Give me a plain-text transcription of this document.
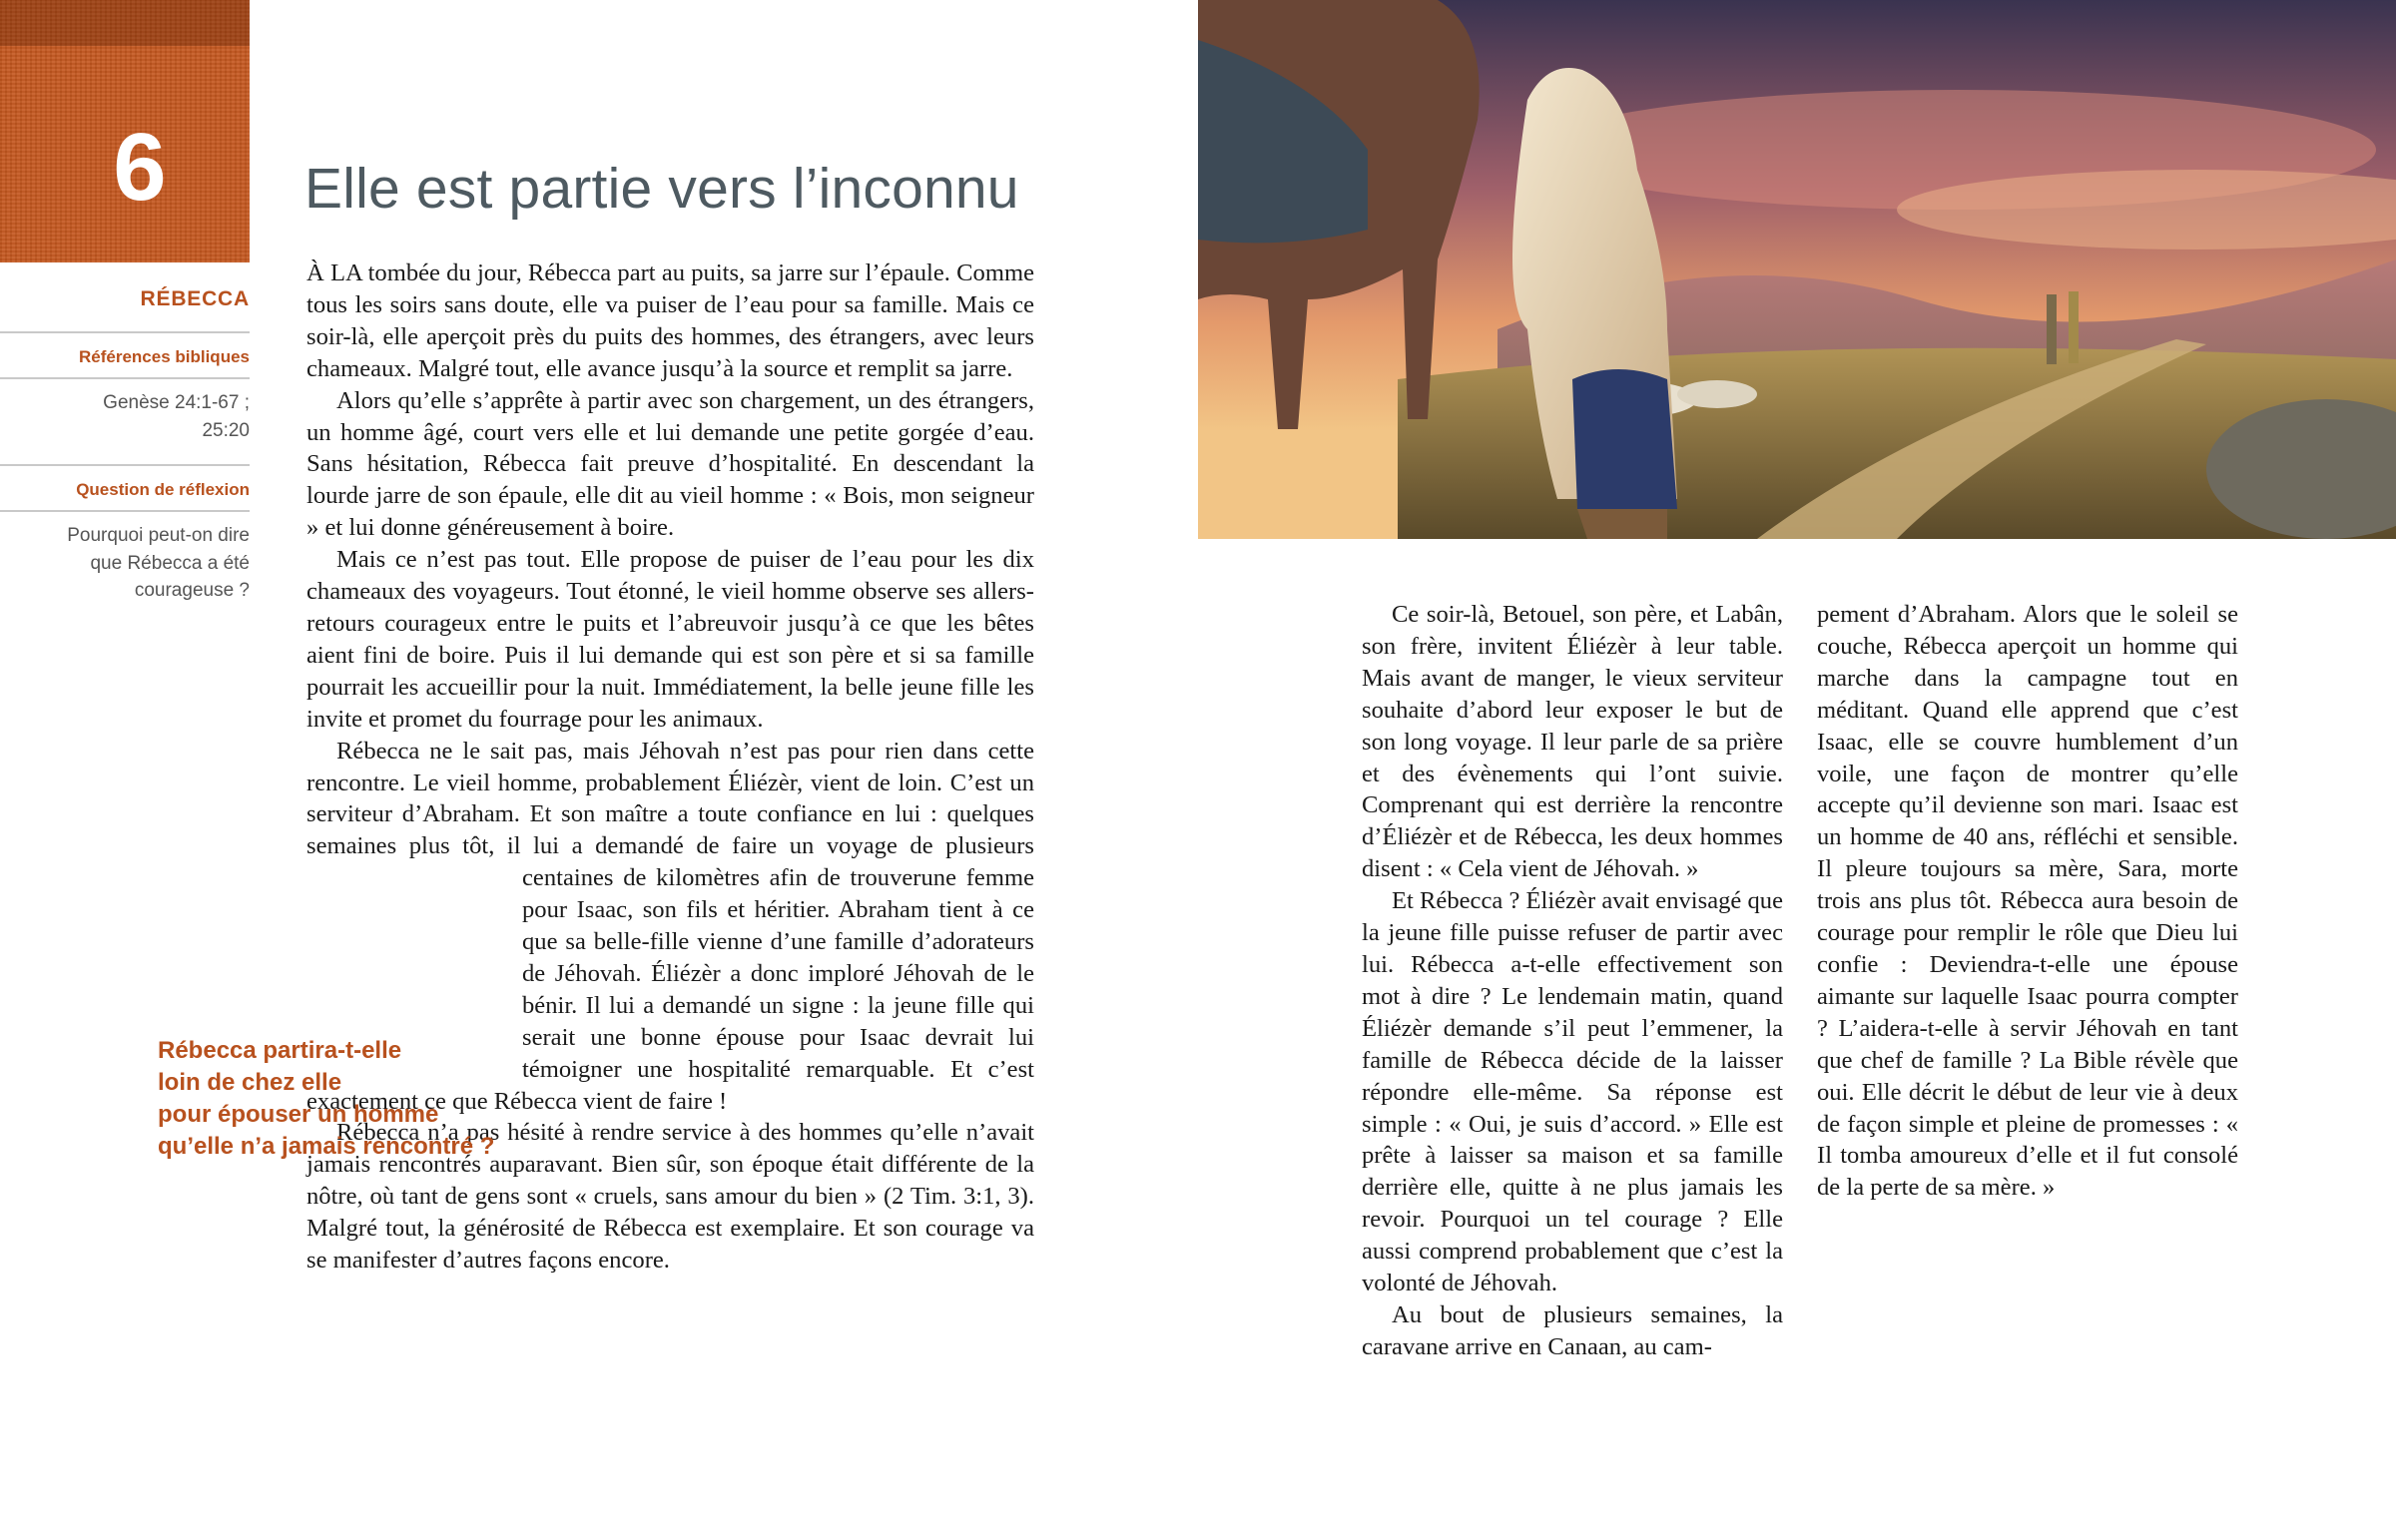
6	Elle est partie vers l’inconnu
RÉBECCA
Références bibliques
Genèse 24:1-67 ;
25:20
Question de réflexion
Pourquoi peut-on dire
que Rébecca a été
courageuse ?

À LA tombée du jour, Rébecca part au puits, sa jarre sur l’épaule. Comme tous les soirs sans doute, elle va puiser de l’eau pour sa famille. Mais ce soir-là, elle aperçoit près du puits des hommes, des étrangers, avec leurs chameaux. Malgré tout, elle avance jusqu’à la source et remplit sa jarre.

Alors qu’elle s’apprête à partir avec son chargement, un des étrangers, un homme âgé, court vers elle et lui demande une petite gorgée d’eau. Sans hésitation, Rébecca fait preuve d’hospitalité. En descendant la lourde jarre de son épaule, elle dit au vieil homme : « Bois, mon seigneur » et lui donne généreusement à boire.

Mais ce n’est pas tout. Elle propose de puiser de l’eau pour les dix chameaux des voyageurs. Tout étonné, le vieil homme observe ses allers-retours courageux entre le puits et l’abreuvoir jusqu’à ce que les bêtes aient fini de boire. Puis il lui demande qui est son père et si sa famille pourrait les accueillir pour la nuit. Immédiatement, la belle jeune fille les invite et promet du fourrage pour les animaux.

Rébecca ne le sait pas, mais Jéhovah n’est pas pour rien dans cette rencontre. Le vieil homme, probablement Éliézèr, vient de loin. C’est un serviteur d’Abraham. Et son maître a toute confiance en lui : quelques semaines plus tôt, il lui a demandé de faire un voyage de plusieurs centaines de kilomètres afin de trouver
une femme pour Isaac, son fils et héritier. Abraham tient à ce que sa belle-fille vienne d’une famille d’adorateurs de Jéhovah. Éliézèr a donc imploré Jéhovah de le bénir. Il lui a demandé un signe : la jeune fille qui serait une bonne épouse pour Isaac devrait lui témoigner une hospitalité remarquable. Et c’est exactement ce que Rébecca vient de faire !

Rébecca n’a pas hésité à rendre service à des hommes qu’elle n’avait jamais rencontrés auparavant. Bien sûr, son époque était différente de la nôtre, où tant de gens sont « cruels, sans amour du bien » (2 Tim. 3:1, 3). Malgré tout, la générosité de Rébecca est exemplaire. Et son courage va se manifester d’autres façons encore.

Rébecca partira-t-elle
loin de chez elle
pour épouser un homme
qu’elle n’a jamais rencontré ?

Ce soir-là, Betouel, son père, et Labân, son frère, invitent Éliézèr à leur table. Mais avant de manger, le vieux serviteur souhaite d’abord leur exposer le but de son long voyage. Il leur parle de sa prière et des évènements qui l’ont suivie. Comprenant qui est derrière la rencontre d’Éliézèr et de Rébecca, les deux hommes disent : « Cela vient de Jéhovah. »

Et Rébecca ? Éliézèr avait envisagé que la jeune fille puisse refuser de partir avec lui. Rébecca a-t-elle effectivement son mot à dire ? Le lendemain matin, quand Éliézèr demande s’il peut l’emmener, la famille de Rébecca décide de la laisser répondre elle-même. Sa réponse est simple : « Oui, je suis d’accord. » Elle est prête à laisser sa maison et sa famille derrière elle, quitte à ne plus jamais les revoir. Pourquoi un tel courage ? Elle aussi comprend probablement que c’est la volonté de Jéhovah.

Au bout de plusieurs semaines, la caravane arrive en Canaan, au cam-

pement d’Abraham. Alors que le soleil se couche, Rébecca aperçoit un homme qui marche dans la campagne tout en méditant. Quand elle apprend que c’est Isaac, elle se couvre humblement d’un voile, une façon de montrer qu’elle accepte qu’il devienne son mari. Isaac est un homme de 40 ans, réfléchi et sensible. Il pleure toujours sa mère, Sara, morte trois ans plus tôt. Rébecca aura besoin de courage pour remplir le rôle que Dieu lui confie : Deviendra-t-elle une épouse aimante sur laquelle Isaac pourra compter ? L’aidera-t-elle à servir Jéhovah en tant que chef de famille ? La Bible révèle que oui. Elle décrit le début de leur vie à deux de façon simple et pleine de promesses : « Il tomba amoureux d’elle et il fut consolé de la perte de sa mère. »
